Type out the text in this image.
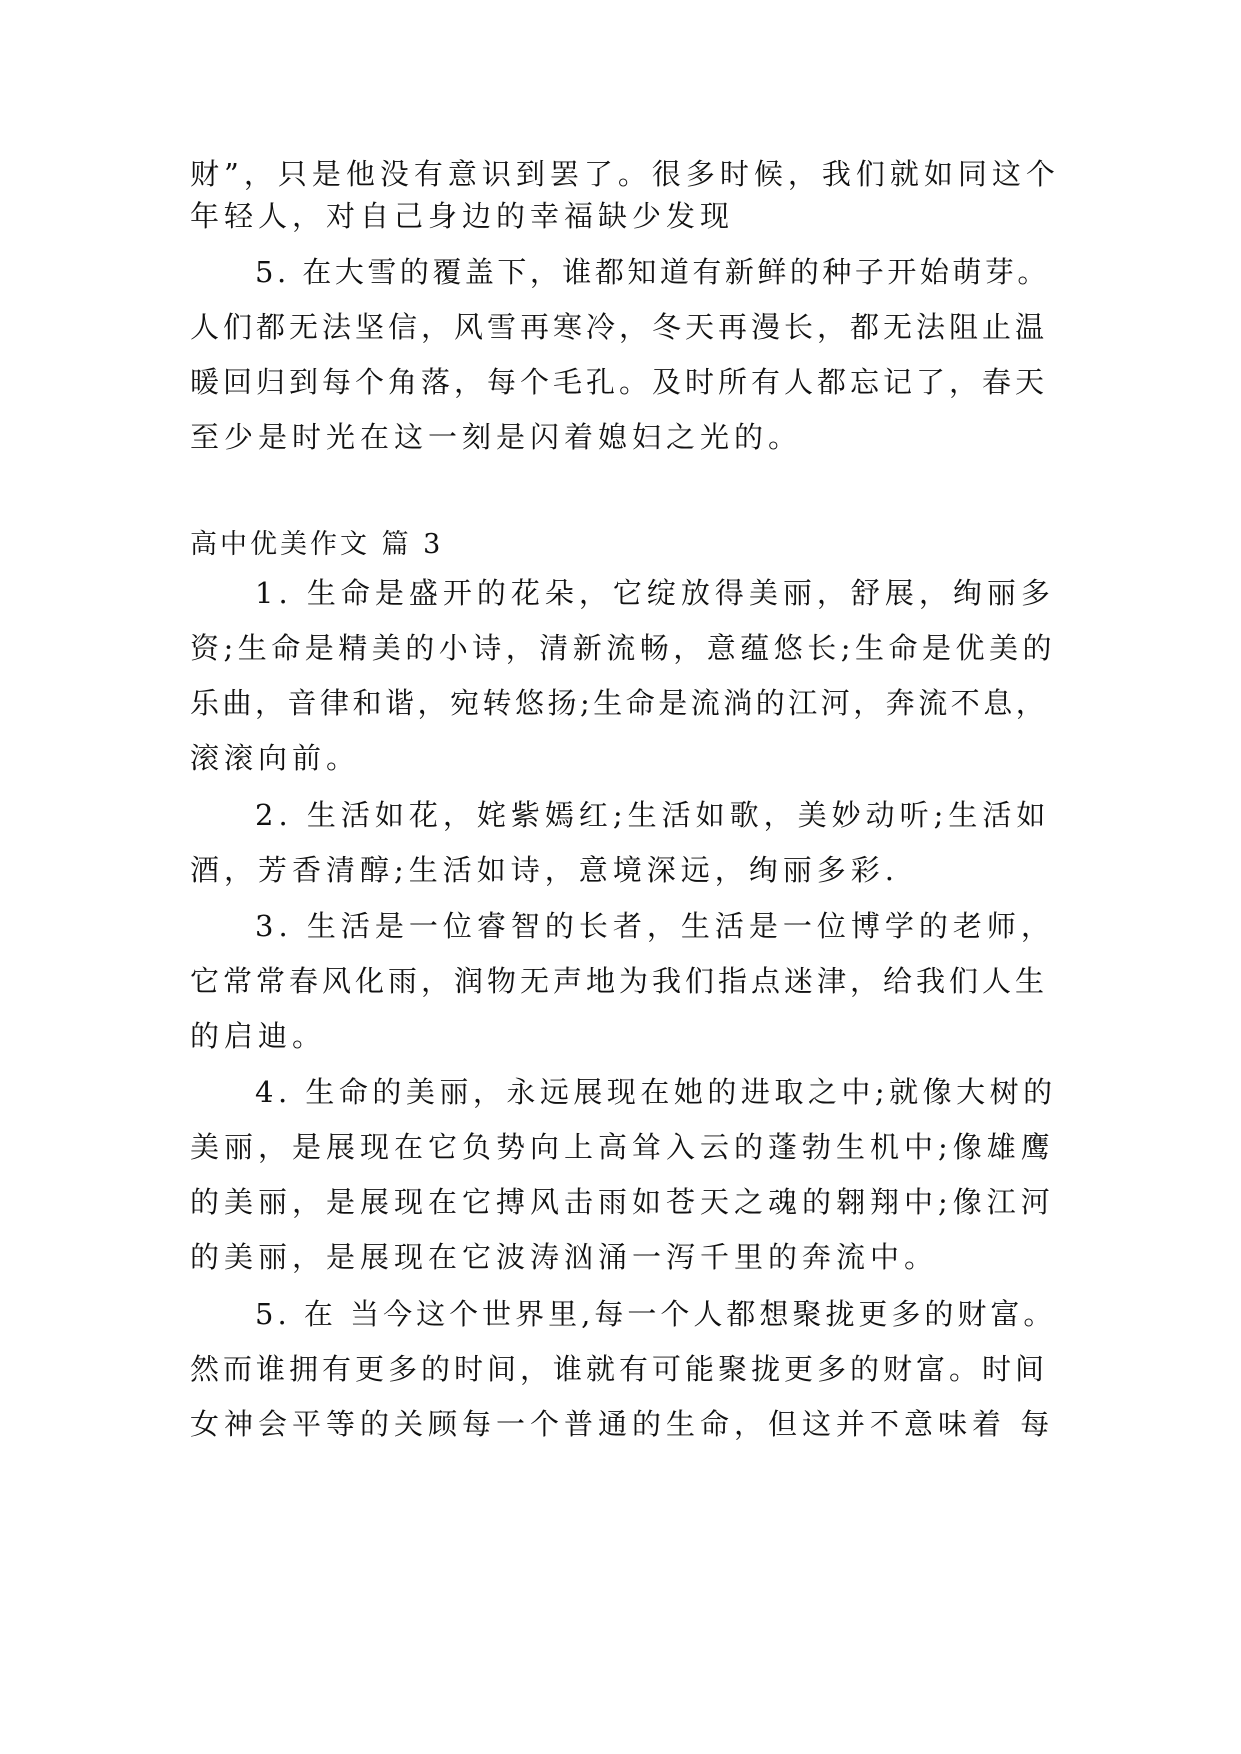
财”，只是他没有意识到罢了。很多时候，我们就如同这个
年轻人，对自己身边的幸福缺少发现
5. 在大雪的覆盖下，谁都知道有新鲜的种子开始萌芽。
人们都无法坚信，风雪再寒冷，冬天再漫长，都无法阻止温
暖回归到每个角落，每个毛孔。及时所有人都忘记了，春天
至少是时光在这一刻是闪着媳妇之光的。
高中优美作文 篇 3
1. 生命是盛开的花朵，它绽放得美丽，舒展，绚丽多
资;生命是精美的小诗，清新流畅，意蕴悠长;生命是优美的
乐曲，音律和谐，宛转悠扬;生命是流淌的江河，奔流不息，
滚滚向前。
2. 生活如花，姹紫嫣红;生活如歌，美妙动听;生活如
酒，芳香清醇;生活如诗，意境深远，绚丽多彩.
3. 生活是一位睿智的长者，生活是一位博学的老师，
它常常春风化雨，润物无声地为我们指点迷津，给我们人生
的启迪。
4. 生命的美丽，永远展现在她的进取之中;就像大树的
美丽，是展现在它负势向上高耸入云的蓬勃生机中;像雄鹰
的美丽，是展现在它搏风击雨如苍天之魂的翱翔中;像江河
的美丽，是展现在它波涛汹涌一泻千里的奔流中。
5. 在 当今这个世界里,每一个人都想聚拢更多的财富。
然而谁拥有更多的时间，谁就有可能聚拢更多的财富。时间
女神会平等的关顾每一个普通的生命，但这并不意味着 每
